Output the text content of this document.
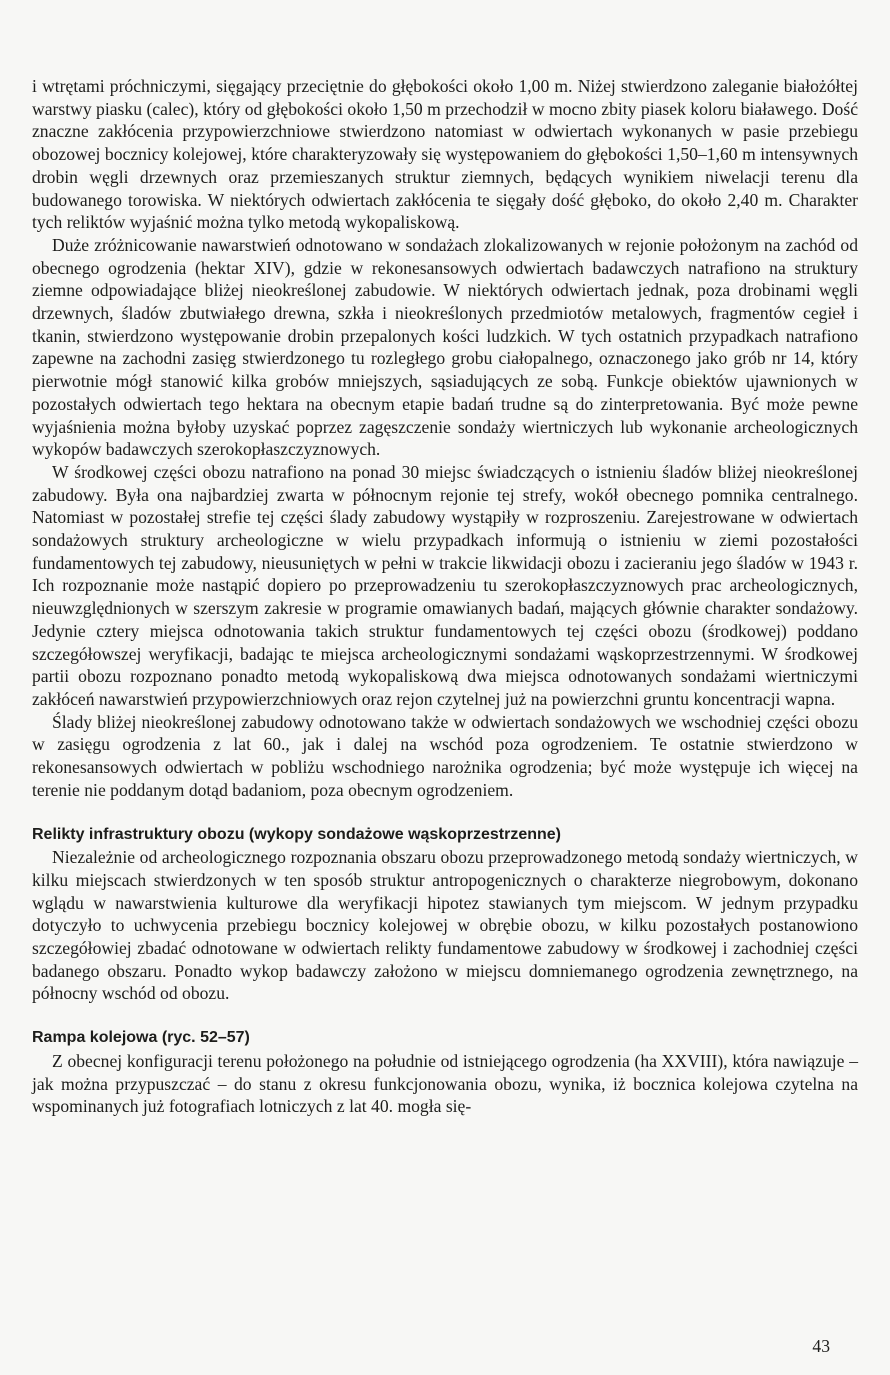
i wtrętami próchniczymi, sięgający przeciętnie do głębokości około 1,00 m. Niżej stwierdzono zaleganie białożółtej warstwy piasku (calec), który od głębokości około 1,50 m przechodził w mocno zbity piasek koloru białawego. Dość znaczne zakłócenia przypowierzchniowe stwierdzono natomiast w odwiertach wykonanych w pasie przebiegu obozowej bocznicy kolejowej, które charakteryzowały się występowaniem do głębokości 1,50–1,60 m intensywnych drobin węgli drzewnych oraz przemieszanych struktur ziemnych, będących wynikiem niwelacji terenu dla budowanego torowiska. W niektórych odwiertach zakłócenia te sięgały dość głęboko, do około 2,40 m. Charakter tych reliktów wyjaśnić można tylko metodą wykopaliskową.

Duże zróżnicowanie nawarstwień odnotowano w sondażach zlokalizowanych w rejonie położonym na zachód od obecnego ogrodzenia (hektar XIV), gdzie w rekonesansowych odwiertach badawczych natrafiono na struktury ziemne odpowiadające bliżej nieokreślonej zabudowie. W niektórych odwiertach jednak, poza drobinami węgli drzewnych, śladów zbutwiałego drewna, szkła i nieokreślonych przedmiotów metalowych, fragmentów cegieł i tkanin, stwierdzono występowanie drobin przepalonych kości ludzkich. W tych ostatnich przypadkach natrafiono zapewne na zachodni zasięg stwierdzonego tu rozległego grobu ciałopalnego, oznaczonego jako grób nr 14, który pierwotnie mógł stanowić kilka grobów mniejszych, sąsiadujących ze sobą. Funkcje obiektów ujawnionych w pozostałych odwiertach tego hektara na obecnym etapie badań trudne są do zinterpretowania. Być może pewne wyjaśnienia można byłoby uzyskać poprzez zagęszczenie sondaży wiertniczych lub wykonanie archeologicznych wykopów badawczych szerokopłaszczyznowych.

W środkowej części obozu natrafiono na ponad 30 miejsc świadczących o istnieniu śladów bliżej nieokreślonej zabudowy. Była ona najbardziej zwarta w północnym rejonie tej strefy, wokół obecnego pomnika centralnego. Natomiast w pozostałej strefie tej części ślady zabudowy wystąpiły w rozproszeniu. Zarejestrowane w odwiertach sondażowych struktury archeologiczne w wielu przypadkach informują o istnieniu w ziemi pozostałości fundamentowych tej zabudowy, nieusuniętych w pełni w trakcie likwidacji obozu i zacieraniu jego śladów w 1943 r. Ich rozpoznanie może nastąpić dopiero po przeprowadzeniu tu szerokopłaszczyznowych prac archeologicznych, nieuwzględnionych w szerszym zakresie w programie omawianych badań, mających głównie charakter sondażowy. Jedynie cztery miejsca odnotowania takich struktur fundamentowych tej części obozu (środkowej) poddano szczegółowszej weryfikacji, badając te miejsca archeologicznymi sondażami wąskoprzestrzennymi. W środkowej partii obozu rozpoznano ponadto metodą wykopaliskową dwa miejsca odnotowanych sondażami wiertniczymi zakłóceń nawarstwień przypowierzchniowych oraz rejon czytelnej już na powierzchni gruntu koncentracji wapna.

Ślady bliżej nieokreślonej zabudowy odnotowano także w odwiertach sondażowych we wschodniej części obozu w zasięgu ogrodzenia z lat 60., jak i dalej na wschód poza ogrodzeniem. Te ostatnie stwierdzono w rekonesansowych odwiertach w pobliżu wschodniego narożnika ogrodzenia; być może występuje ich więcej na terenie nie poddanym dotąd badaniom, poza obecnym ogrodzeniem.

Relikty infrastruktury obozu (wykopy sondażowe wąskoprzestrzenne)

Niezależnie od archeologicznego rozpoznania obszaru obozu przeprowadzonego metodą sondaży wiertniczych, w kilku miejscach stwierdzonych w ten sposób struktur antropogenicznych o charakterze niegrobowym, dokonano wglądu w nawarstwienia kulturowe dla weryfikacji hipotez stawianych tym miejscom. W jednym przypadku dotyczyło to uchwycenia przebiegu bocznicy kolejowej w obrębie obozu, w kilku pozostałych postanowiono szczegółowiej zbadać odnotowane w odwiertach relikty fundamentowe zabudowy w środkowej i zachodniej części badanego obszaru. Ponadto wykop badawczy założono w miejscu domniemanego ogrodzenia zewnętrznego, na północny wschód od obozu.

Rampa kolejowa (ryc. 52–57)

Z obecnej konfiguracji terenu położonego na południe od istniejącego ogrodzenia (ha XXVIII), która nawiązuje – jak można przypuszczać – do stanu z okresu funkcjonowania obozu, wynika, iż bocznica kolejowa czytelna na wspominanych już fotografiach lotniczych z lat 40. mogła się-

43
